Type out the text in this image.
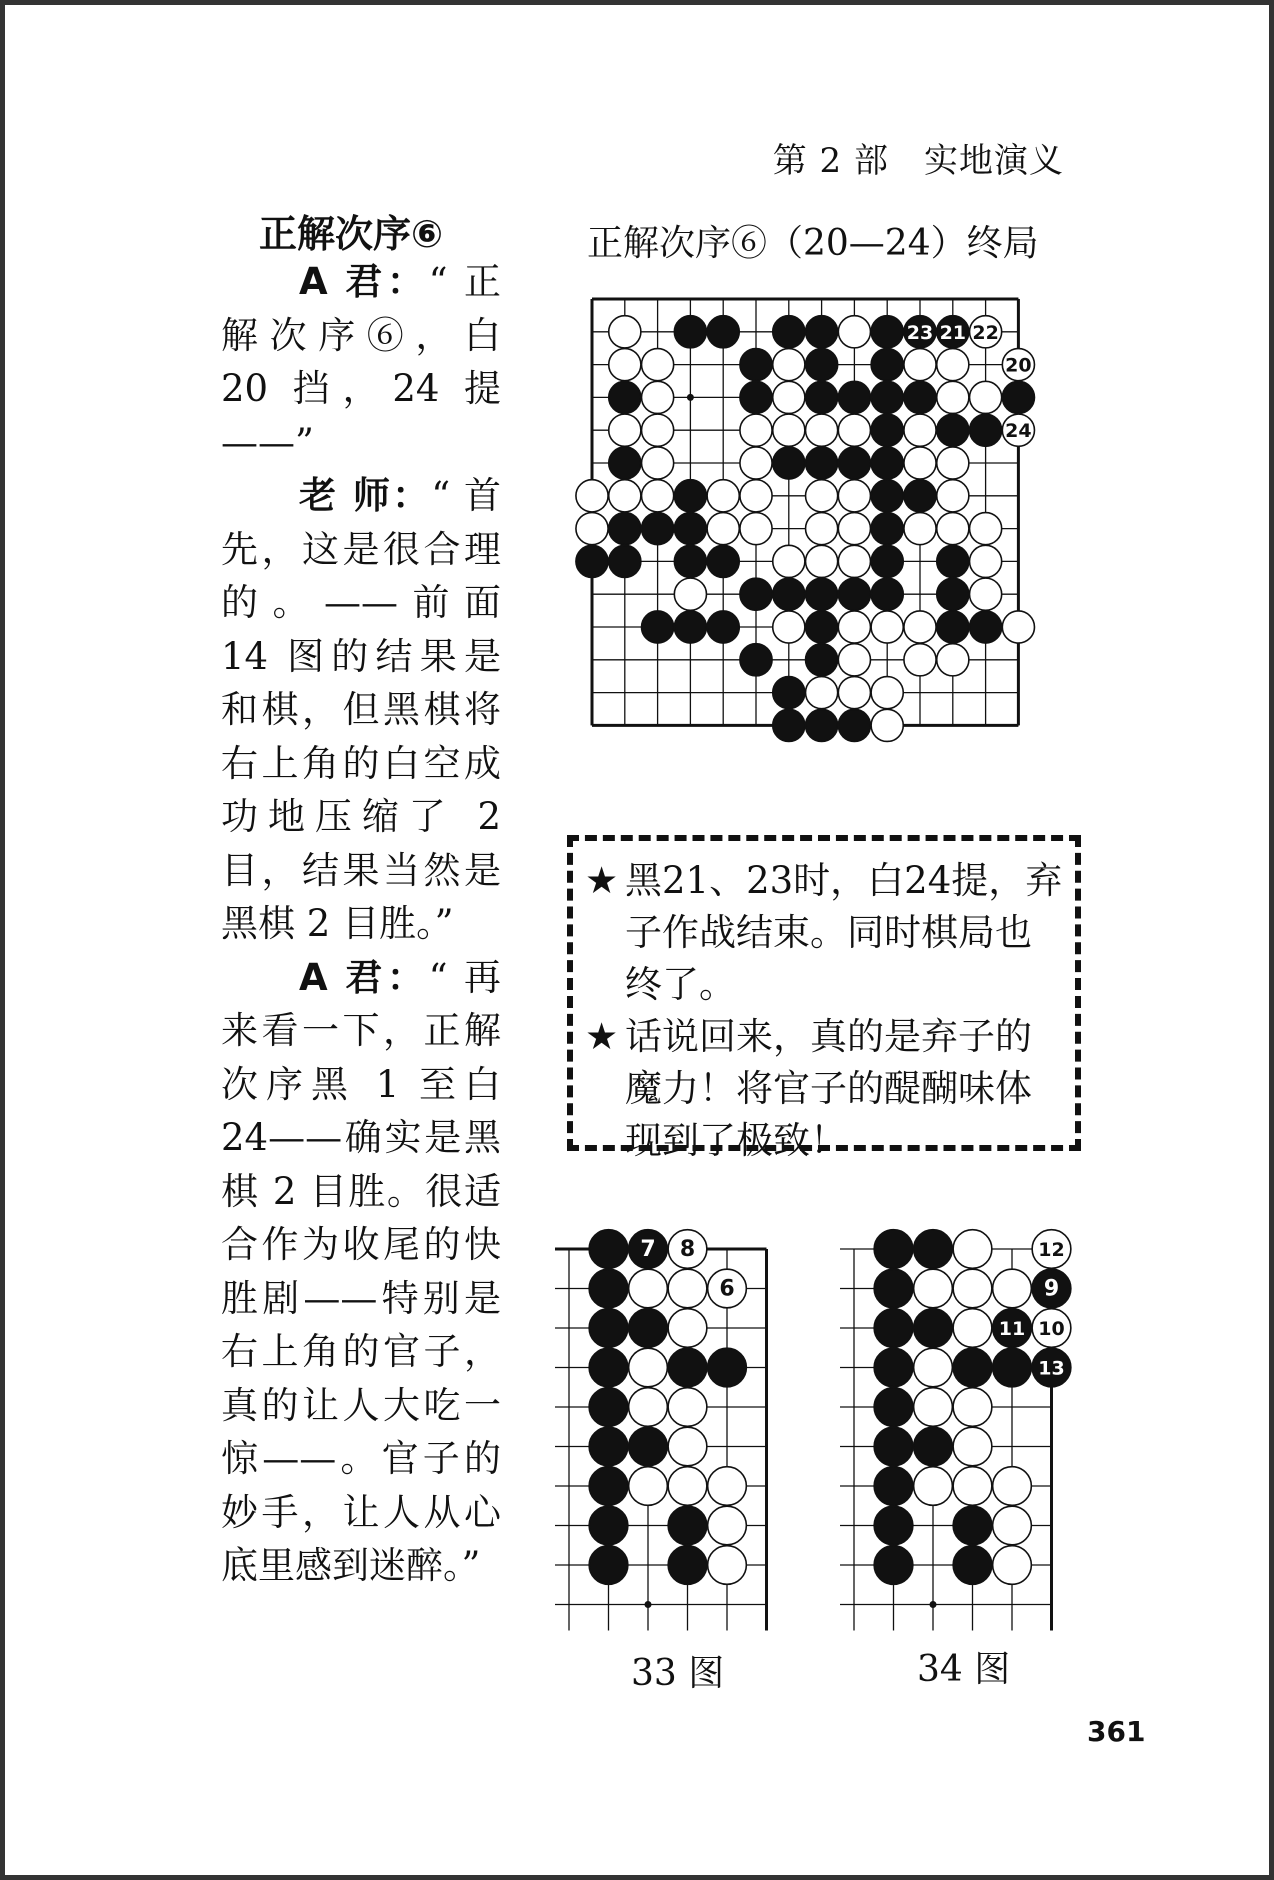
第 2 部　实地演义
正解次序⑥

A 君：“ 正解次序⑥，白 20 挡，24 提——”

老 师：“ 首先，这是很合理的。——前面 14 图的结果是和棋，但黑棋将右上角的白空成功地压缩了 2 目，结果当然是黑棋 2 目胜。”

A 君：“ 再来看一下，正解次序黑 1 至白 24——确实是黑棋 2 目胜。很适合作为收尾的快胜剧——特别是右上角的官子，真的让人大吃一惊——。官子的妙手，让人从心底里感到迷醉。”

正解次序⑥（20—24）终局
23 21 22
20
24
★ 黑21、23时，白24提，弃子作战结束。同时棋局也终了。
★ 话说回来，真的是弃子的魔力！将官子的醍醐味体现到了极致！
7 8
6
33 图
12
9
11 10
13
34 图
361
